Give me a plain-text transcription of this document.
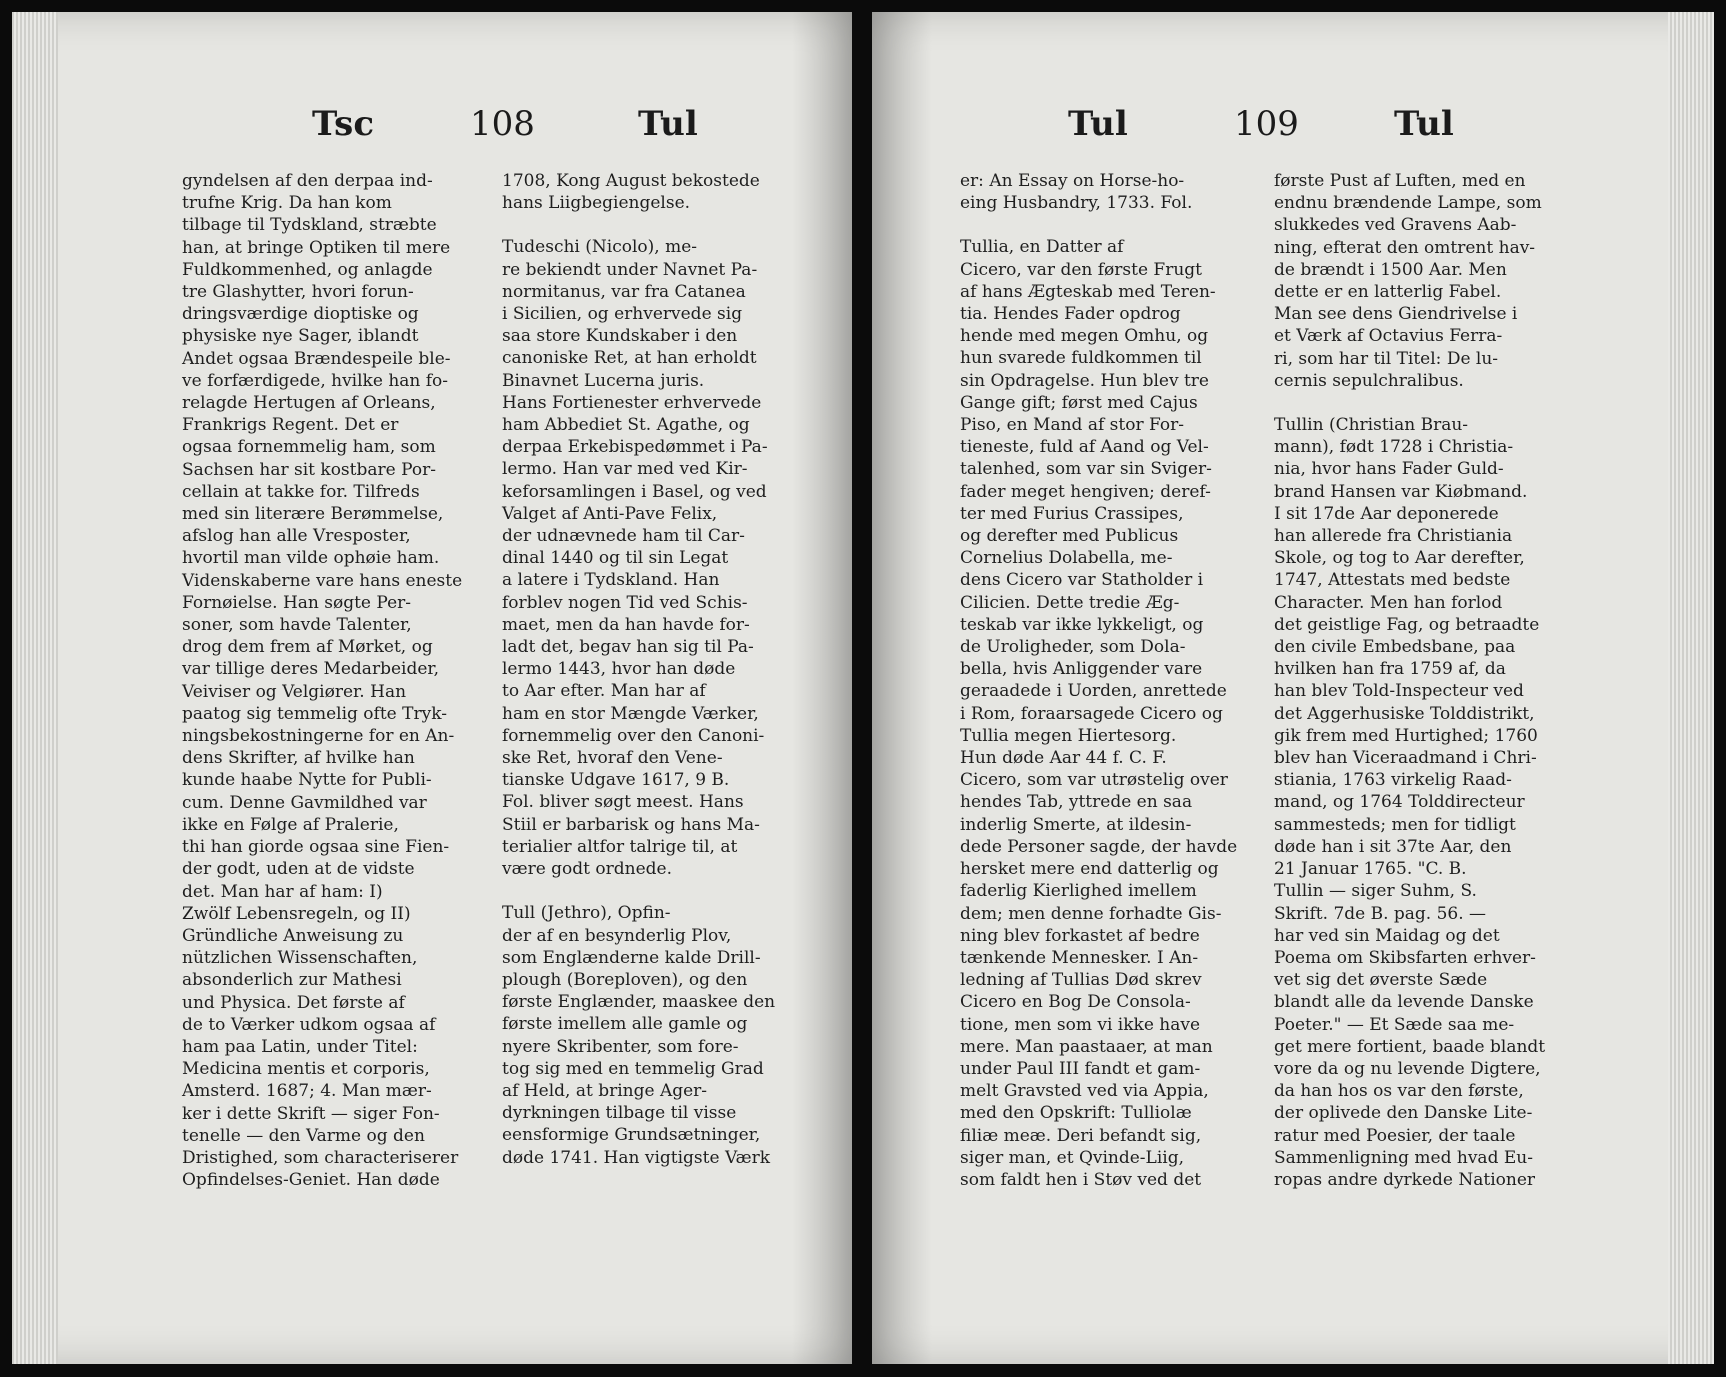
Tsc	108	Tul
gyndelsen af den derpaa ind-
trufne Krig. Da han kom
tilbage til Tydskland, stræbte
han, at bringe Optiken til mere
Fuldkommenhed, og anlagde
tre Glashytter, hvori forun-
dringsværdige dioptiske og
physiske nye Sager, iblandt
Andet ogsaa Brændespeile ble-
ve forfærdigede, hvilke han fo-
relagde Hertugen af Orleans,
Frankrigs Regent. Det er
ogsaa fornemmelig ham, som
Sachsen har sit kostbare Por-
cellain at takke for. Tilfreds
med sin literære Berømmelse,
afslog han alle Vresposter,
hvortil man vilde ophøie ham.
Videnskaberne vare hans eneste
Fornøielse. Han søgte Per-
soner, som havde Talenter,
drog dem frem af Mørket, og
var tillige deres Medarbeider,
Veiviser og Velgiører. Han
paatog sig temmelig ofte Tryk-
ningsbekostningerne for en An-
dens Skrifter, af hvilke han
kunde haabe Nytte for Publi-
cum. Denne Gavmildhed var
ikke en Følge af Pralerie,
thi han giorde ogsaa sine Fien-
der godt, uden at de vidste
det. Man har af ham: I)
Zwölf Lebensregeln, og II)
Gründliche Anweisung zu
nützlichen Wissenschaften,
absonderlich zur Mathesi
und Physica. Det første af
de to Værker udkom ogsaa af
ham paa Latin, under Titel:
Medicina mentis et corporis,
Amsterd. 1687; 4. Man mær-
ker i dette Skrift — siger Fon-
tenelle — den Varme og den
Dristighed, som characteriserer
Opfindelses-Geniet. Han døde
1708, Kong August bekostede
hans Liigbegiengelse.
Tudeschi (Nicolo), me-
re bekiendt under Navnet Pa-
normitanus, var fra Catanea
i Sicilien, og erhvervede sig
saa store Kundskaber i den
canoniske Ret, at han erholdt
Binavnet Lucerna juris.
Hans Fortienester erhvervede
ham Abbediet St. Agathe, og
derpaa Erkebispedømmet i Pa-
lermo. Han var med ved Kir-
keforsamlingen i Basel, og ved
Valget af Anti-Pave Felix,
der udnævnede ham til Car-
dinal 1440 og til sin Legat
a latere i Tydskland. Han
forblev nogen Tid ved Schis-
maet, men da han havde for-
ladt det, begav han sig til Pa-
lermo 1443, hvor han døde
to Aar efter. Man har af
ham en stor Mængde Værker,
fornemmelig over den Canoni-
ske Ret, hvoraf den Vene-
tianske Udgave 1617, 9 B.
Fol. bliver søgt meest. Hans
Stiil er barbarisk og hans Ma-
terialier altfor talrige til, at
være godt ordnede.
Tull (Jethro), Opfin-
der af en besynderlig Plov,
som Englænderne kalde Drill-
plough (Boreploven), og den
første Englænder, maaskee den
første imellem alle gamle og
nyere Skribenter, som fore-
tog sig med en temmelig Grad
af Held, at bringe Ager-
dyrkningen tilbage til visse
eensformige Grundsætninger,
døde 1741. Han vigtigste Værk
Tul	109	Tul
er: An Essay on Horse-ho-
eing Husbandry, 1733. Fol.
Tullia, en Datter af
Cicero, var den første Frugt
af hans Ægteskab med Teren-
tia. Hendes Fader opdrog
hende med megen Omhu, og
hun svarede fuldkommen til
sin Opdragelse. Hun blev tre
Gange gift; først med Cajus
Piso, en Mand af stor For-
tieneste, fuld af Aand og Vel-
talenhed, som var sin Sviger-
fader meget hengiven; deref-
ter med Furius Crassipes,
og derefter med Publicus
Cornelius Dolabella, me-
dens Cicero var Statholder i
Cilicien. Dette tredie Æg-
teskab var ikke lykkeligt, og
de Uroligheder, som Dola-
bella, hvis Anliggender vare
geraadede i Uorden, anrettede
i Rom, foraarsagede Cicero og
Tullia megen Hiertesorg.
Hun døde Aar 44 f. C. F.
Cicero, som var utrøstelig over
hendes Tab, yttrede en saa
inderlig Smerte, at ildesin-
dede Personer sagde, der havde
hersket mere end datterlig og
faderlig Kierlighed imellem
dem; men denne forhadte Gis-
ning blev forkastet af bedre
tænkende Mennesker. I An-
ledning af Tullias Død skrev
Cicero en Bog De Consola-
tione, men som vi ikke have
mere. Man paastaaer, at man
under Paul III fandt et gam-
melt Gravsted ved via Appia,
med den Opskrift: Tulliolæ
filiæ meæ. Deri befandt sig,
siger man, et Qvinde-Liig,
som faldt hen i Støv ved det
første Pust af Luften, med en
endnu brændende Lampe, som
slukkedes ved Gravens Aab-
ning, efterat den omtrent hav-
de brændt i 1500 Aar. Men
dette er en latterlig Fabel.
Man see dens Giendrivelse i
et Værk af Octavius Ferra-
ri, som har til Titel: De lu-
cernis sepulchralibus.
Tullin (Christian Brau-
mann), født 1728 i Christia-
nia, hvor hans Fader Guld-
brand Hansen var Kiøbmand.
I sit 17de Aar deponerede
han allerede fra Christiania
Skole, og tog to Aar derefter,
1747, Attestats med bedste
Character. Men han forlod
det geistlige Fag, og betraadte
den civile Embedsbane, paa
hvilken han fra 1759 af, da
han blev Told-Inspecteur ved
det Aggerhusiske Tolddistrikt,
gik frem med Hurtighed; 1760
blev han Viceraadmand i Chri-
stiania, 1763 virkelig Raad-
mand, og 1764 Tolddirecteur
sammesteds; men for tidligt
døde han i sit 37te Aar, den
21 Januar 1765. "C. B.
Tullin — siger Suhm, S.
Skrift. 7de B. pag. 56. —
har ved sin Maidag og det
Poema om Skibsfarten erhver-
vet sig det øverste Sæde
blandt alle da levende Danske
Poeter." — Et Sæde saa me-
get mere fortient, baade blandt
vore da og nu levende Digtere,
da han hos os var den første,
der oplivede den Danske Lite-
ratur med Poesier, der taale
Sammenligning med hvad Eu-
ropas andre dyrkede Nationer
